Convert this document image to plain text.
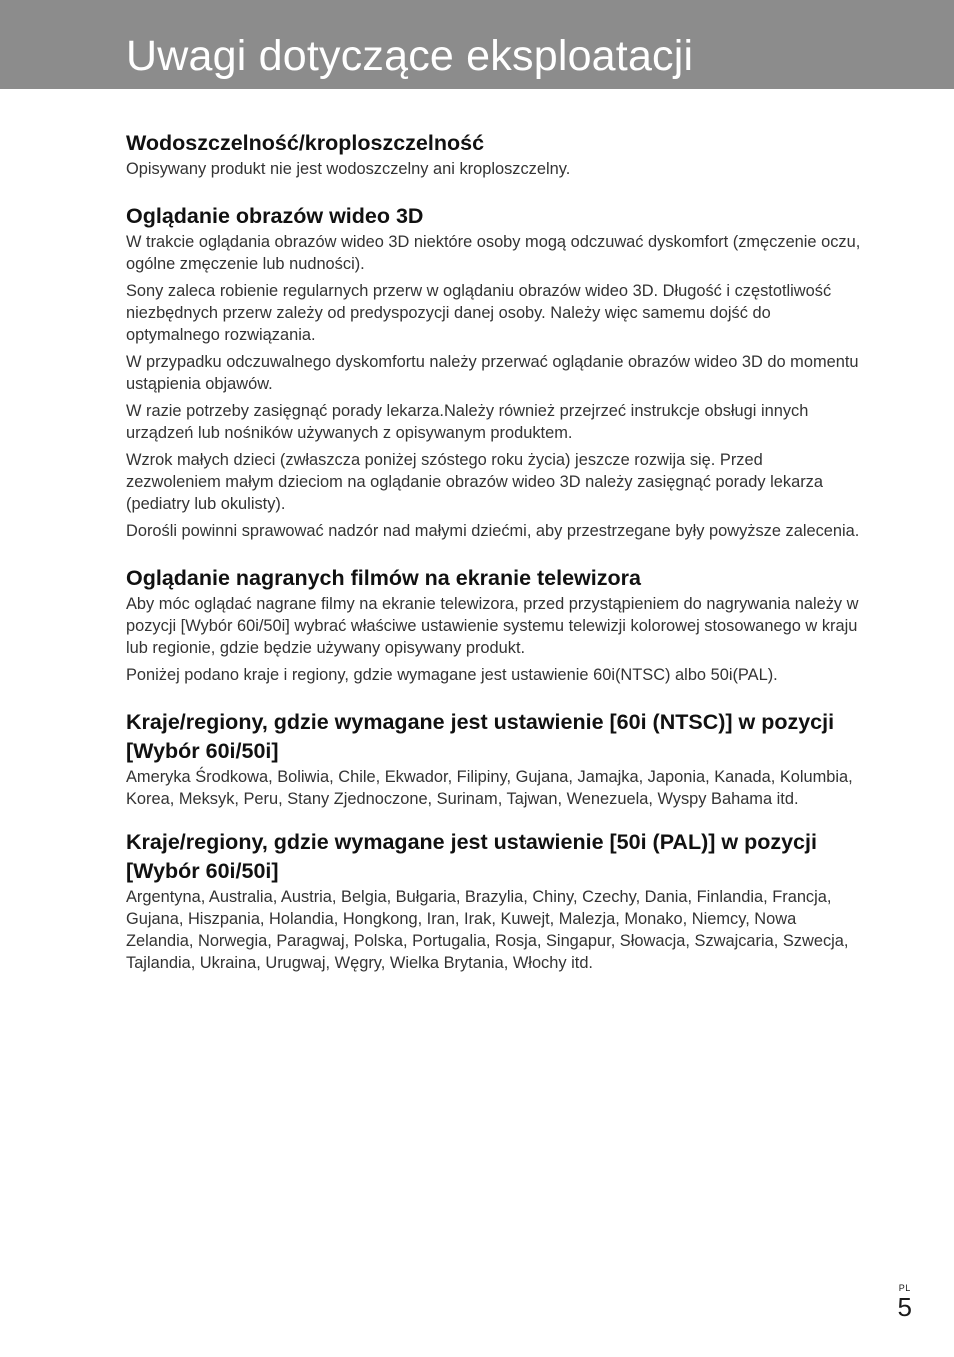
Uwagi dotyczące eksploatacji
Wodoszczelność/kroploszczelność

Opisywany produkt nie jest wodoszczelny ani kroploszczelny.

Oglądanie obrazów wideo 3D

W trakcie oglądania obrazów wideo 3D niektóre osoby mogą odczuwać dyskomfort (zmęczenie oczu, ogólne zmęczenie lub nudności).

Sony zaleca robienie regularnych przerw w oglądaniu obrazów wideo 3D. Długość i częstotliwość niezbędnych przerw zależy od predyspozycji danej osoby. Należy więc samemu dojść do optymalnego rozwiązania.

W przypadku odczuwalnego dyskomfortu należy przerwać oglądanie obrazów wideo 3D do momentu ustąpienia objawów.

W razie potrzeby zasięgnąć porady lekarza.Należy również przejrzeć instrukcje obsługi innych urządzeń lub nośników używanych z opisywanym produktem.

Wzrok małych dzieci (zwłaszcza poniżej szóstego roku życia) jeszcze rozwija się. Przed zezwoleniem małym dzieciom na oglądanie obrazów wideo 3D należy zasięgnąć porady lekarza (pediatry lub okulisty).

Dorośli powinni sprawować nadzór nad małymi dziećmi, aby przestrzegane były powyższe zalecenia.

Oglądanie nagranych filmów na ekranie telewizora

Aby móc oglądać nagrane filmy na ekranie telewizora, przed przystąpieniem do nagrywania należy w pozycji [Wybór 60i/50i] wybrać właściwe ustawienie systemu telewizji kolorowej stosowanego w kraju lub regionie, gdzie będzie używany opisywany produkt.

Poniżej podano kraje i regiony, gdzie wymagane jest ustawienie 60i(NTSC) albo 50i(PAL).

Kraje/regiony, gdzie wymagane jest ustawienie [60i (NTSC)] w pozycji [Wybór 60i/50i]

Ameryka Środkowa, Boliwia, Chile, Ekwador, Filipiny, Gujana, Jamajka, Japonia, Kanada, Kolumbia, Korea, Meksyk, Peru, Stany Zjednoczone, Surinam, Tajwan, Wenezuela, Wyspy Bahama itd.

Kraje/regiony, gdzie wymagane jest ustawienie [50i (PAL)] w pozycji [Wybór 60i/50i]

Argentyna, Australia, Austria, Belgia, Bułgaria, Brazylia, Chiny, Czechy, Dania, Finlandia, Francja, Gujana, Hiszpania, Holandia, Hongkong, Iran, Irak, Kuwejt, Malezja, Monako, Niemcy, Nowa Zelandia, Norwegia, Paragwaj, Polska, Portugalia, Rosja, Singapur, Słowacja, Szwajcaria, Szwecja, Tajlandia, Ukraina, Urugwaj, Węgry, Wielka Brytania, Włochy itd.

PL
5
